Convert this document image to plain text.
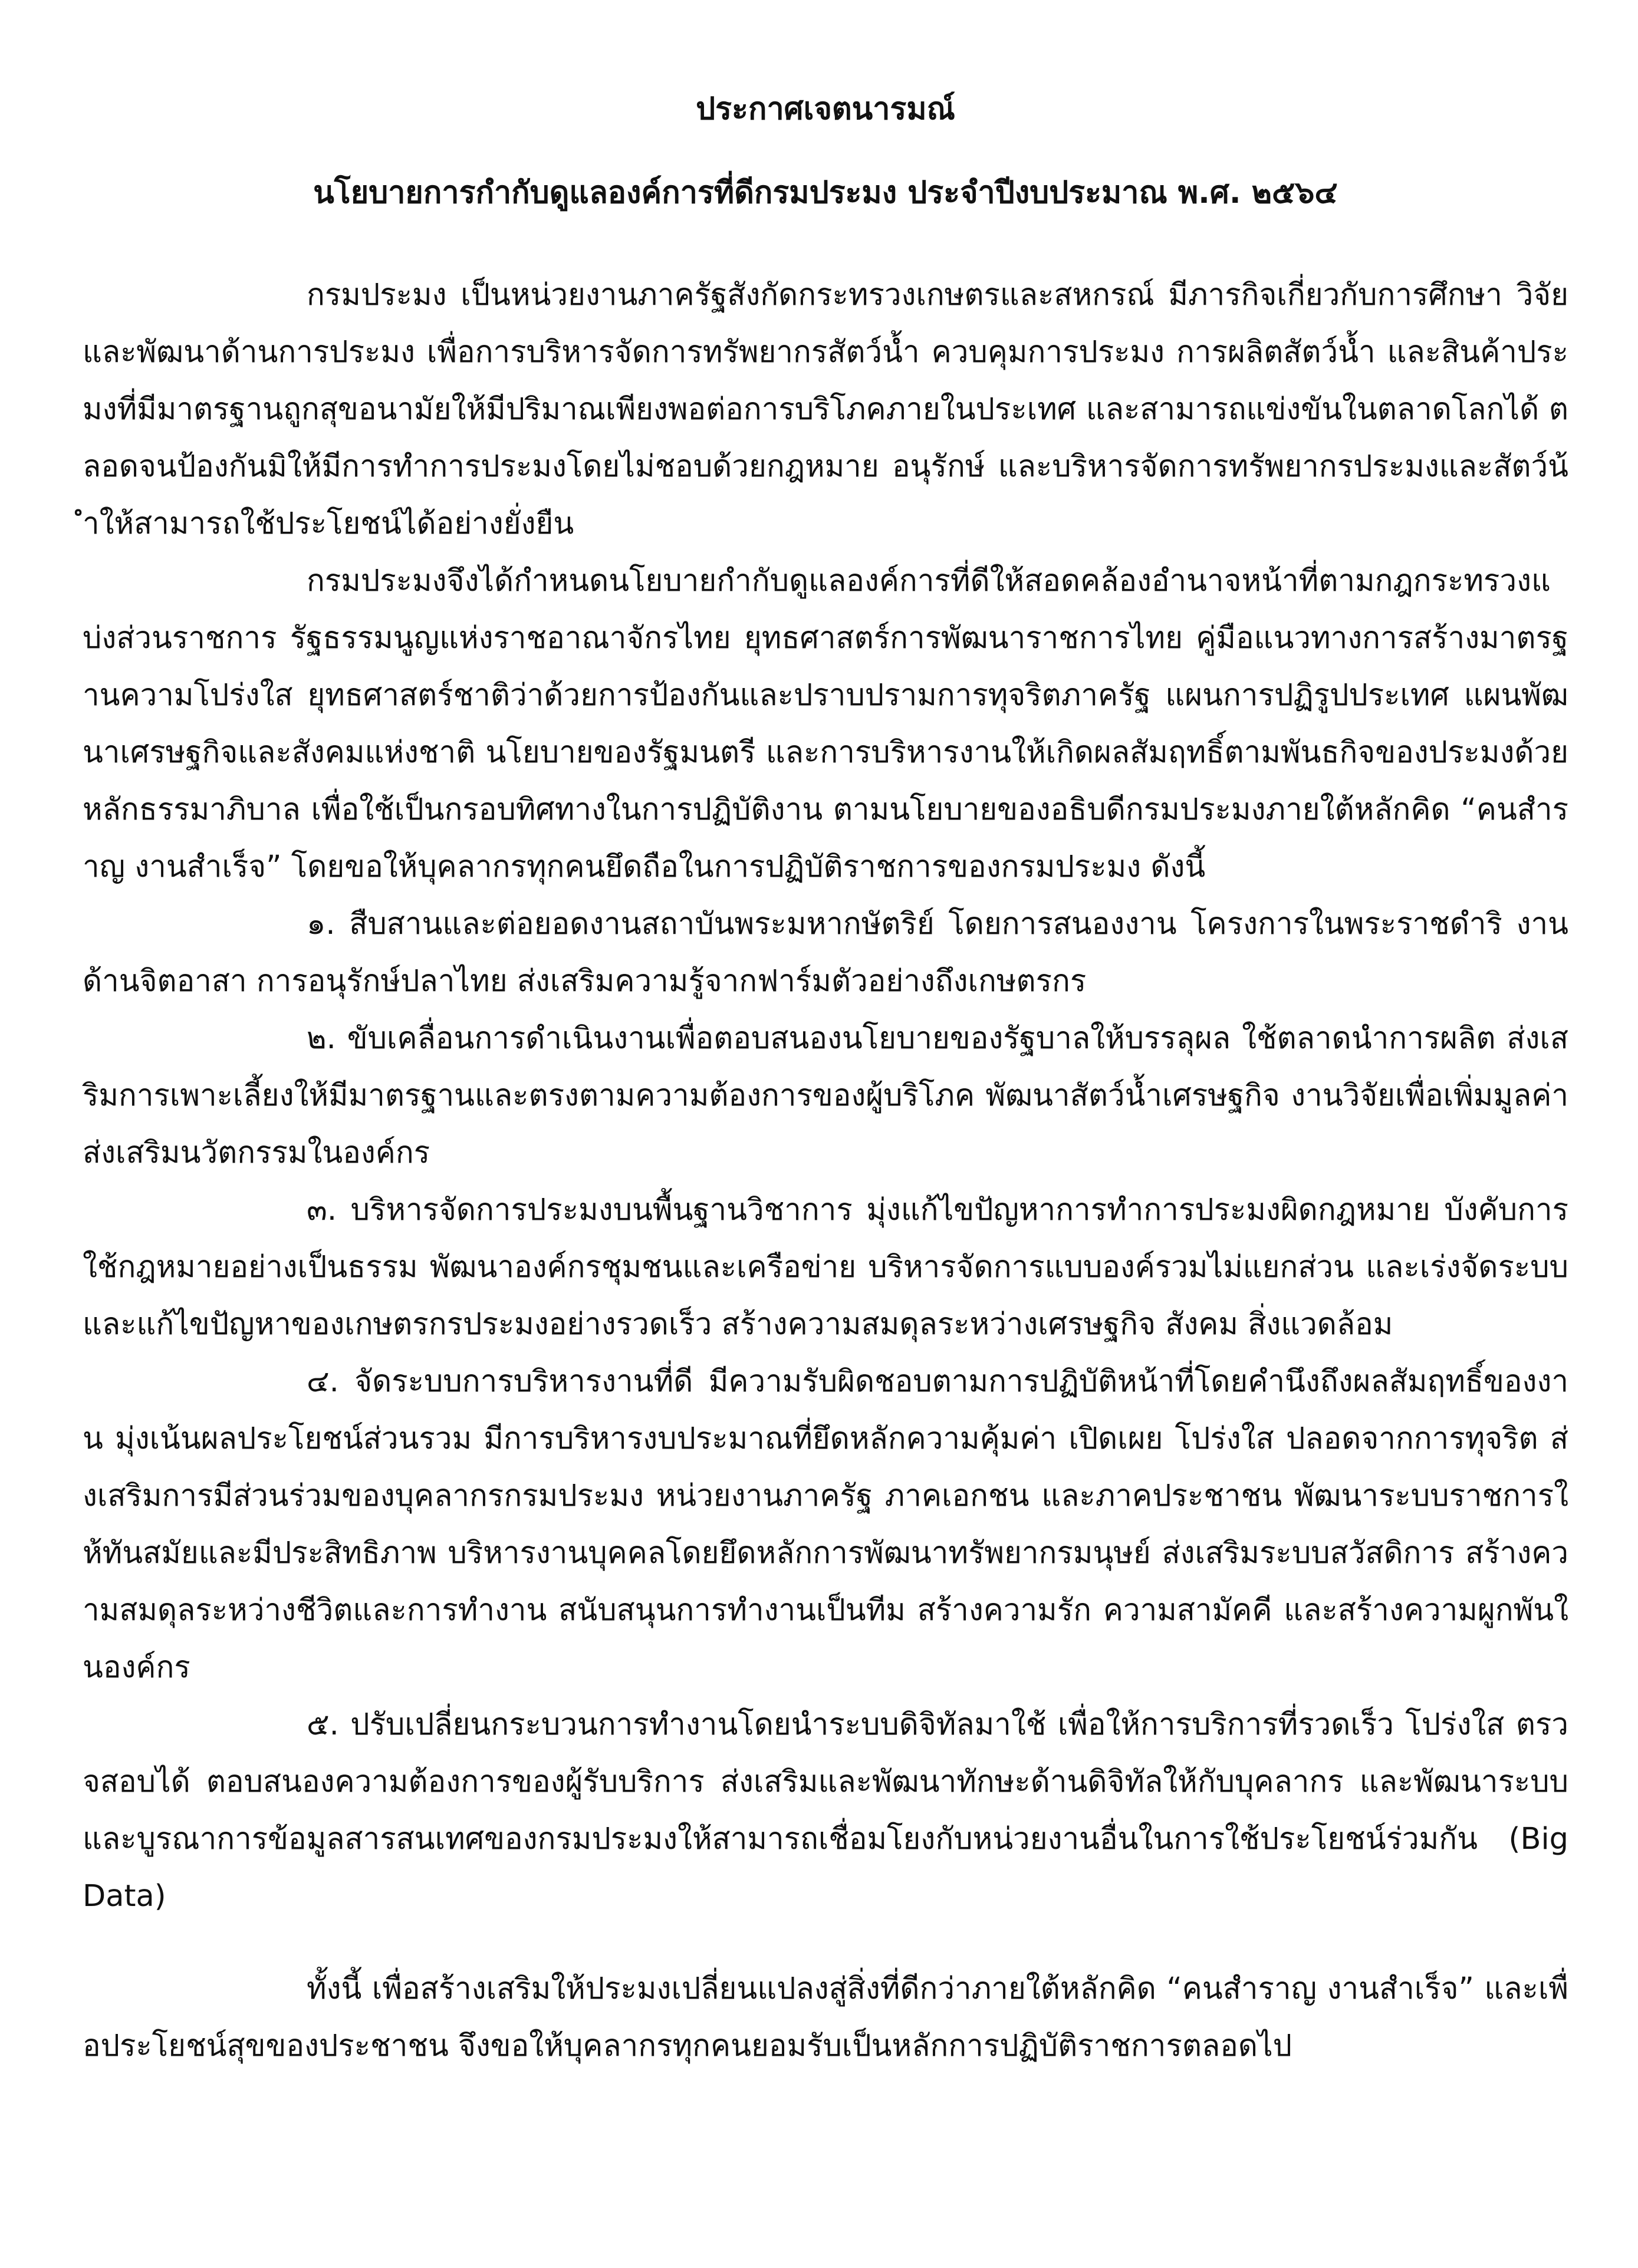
ประกาศเจตนารมณ์
นโยบายการกำกับดูแลองค์การที่ดีกรมประมง ประจำปีงบประมาณ พ.ศ. ๒๕๖๔

กรมประมง เป็นหน่วยงานภาครัฐสังกัดกระทรวงเกษตรและสหกรณ์ มีภารกิจเกี่ยวกับการศึกษา วิจัย และพัฒนาด้านการประมง เพื่อการบริหารจัดการทรัพยากรสัตว์น้ำ ควบคุมการประมง การผลิตสัตว์น้ำ และสินค้าประมงที่มีมาตรฐานถูกสุขอนามัยให้มีปริมาณเพียงพอต่อการบริโภคภายในประเทศ และสามารถแข่งขันในตลาดโลกได้ ตลอดจนป้องกันมิให้มีการทำการประมงโดยไม่ชอบด้วยกฎหมาย อนุรักษ์ และบริหารจัดการทรัพยากรประมงและสัตว์น้ำให้สามารถใช้ประโยชน์ได้อย่างยั่งยืน

กรมประมงจึงได้กำหนดนโยบายกำกับดูแลองค์การที่ดีให้สอดคล้องอำนาจหน้าที่ตามกฎกระทรวงแบ่งส่วนราชการ รัฐธรรมนูญแห่งราชอาณาจักรไทย ยุทธศาสตร์การพัฒนาราชการไทย คู่มือแนวทางการสร้างมาตรฐานความโปร่งใส ยุทธศาสตร์ชาติว่าด้วยการป้องกันและปราบปรามการทุจริตภาครัฐ แผนการปฏิรูปประเทศ แผนพัฒนาเศรษฐกิจและสังคมแห่งชาติ นโยบายของรัฐมนตรี และการบริหารงานให้เกิดผลสัมฤทธิ์ตามพันธกิจของประมงด้วยหลักธรรมาภิบาล เพื่อใช้เป็นกรอบทิศทางในการปฏิบัติงาน ตามนโยบายของอธิบดีกรมประมงภายใต้หลักคิด “คนสำราญ งานสำเร็จ” โดยขอให้บุคลากรทุกคนยึดถือในการปฏิบัติราชการของกรมประมง ดังนี้

๑. สืบสานและต่อยอดงานสถาบันพระมหากษัตริย์ โดยการสนองงาน โครงการในพระราชดำริ งานด้านจิตอาสา การอนุรักษ์ปลาไทย ส่งเสริมความรู้จากฟาร์มตัวอย่างถึงเกษตรกร

๒. ขับเคลื่อนการดำเนินงานเพื่อตอบสนองนโยบายของรัฐบาลให้บรรลุผล ใช้ตลาดนำการผลิต ส่งเสริมการเพาะเลี้ยงให้มีมาตรฐานและตรงตามความต้องการของผู้บริโภค พัฒนาสัตว์น้ำเศรษฐกิจ งานวิจัยเพื่อเพิ่มมูลค่า ส่งเสริมนวัตกรรมในองค์กร

๓. บริหารจัดการประมงบนพื้นฐานวิชาการ มุ่งแก้ไขปัญหาการทำการประมงผิดกฎหมาย บังคับการใช้กฎหมายอย่างเป็นธรรม พัฒนาองค์กรชุมชนและเครือข่าย บริหารจัดการแบบองค์รวมไม่แยกส่วน และเร่งจัดระบบและแก้ไขปัญหาของเกษตรกรประมงอย่างรวดเร็ว สร้างความสมดุลระหว่างเศรษฐกิจ สังคม สิ่งแวดล้อม

๔. จัดระบบการบริหารงานที่ดี มีความรับผิดชอบตามการปฏิบัติหน้าที่โดยคำนึงถึงผลสัมฤทธิ์ของงาน มุ่งเน้นผลประโยชน์ส่วนรวม มีการบริหารงบประมาณที่ยึดหลักความคุ้มค่า เปิดเผย โปร่งใส ปลอดจากการทุจริต ส่งเสริมการมีส่วนร่วมของบุคลากรกรมประมง หน่วยงานภาครัฐ ภาคเอกชน และภาคประชาชน พัฒนาระบบราชการให้ทันสมัยและมีประสิทธิภาพ บริหารงานบุคคลโดยยึดหลักการพัฒนาทรัพยากรมนุษย์ ส่งเสริมระบบสวัสดิการ สร้างความสมดุลระหว่างชีวิตและการทำงาน สนับสนุนการทำงานเป็นทีม สร้างความรัก ความสามัคคี และสร้างความผูกพันในองค์กร

๕. ปรับเปลี่ยนกระบวนการทำงานโดยนำระบบดิจิทัลมาใช้ เพื่อให้การบริการที่รวดเร็ว โปร่งใส ตรวจสอบได้ ตอบสนองความต้องการของผู้รับบริการ ส่งเสริมและพัฒนาทักษะด้านดิจิทัลให้กับบุคลากร และพัฒนาระบบและบูรณาการข้อมูลสารสนเทศของกรมประมงให้สามารถเชื่อมโยงกับหน่วยงานอื่นในการใช้ประโยชน์ร่วมกัน (Big Data)

ทั้งนี้ เพื่อสร้างเสริมให้ประมงเปลี่ยนแปลงสู่สิ่งที่ดีกว่าภายใต้หลักคิด “คนสำราญ งานสำเร็จ” และเพื่อประโยชน์สุขของประชาชน จึงขอให้บุคลากรทุกคนยอมรับเป็นหลักการปฏิบัติราชการตลอดไป
